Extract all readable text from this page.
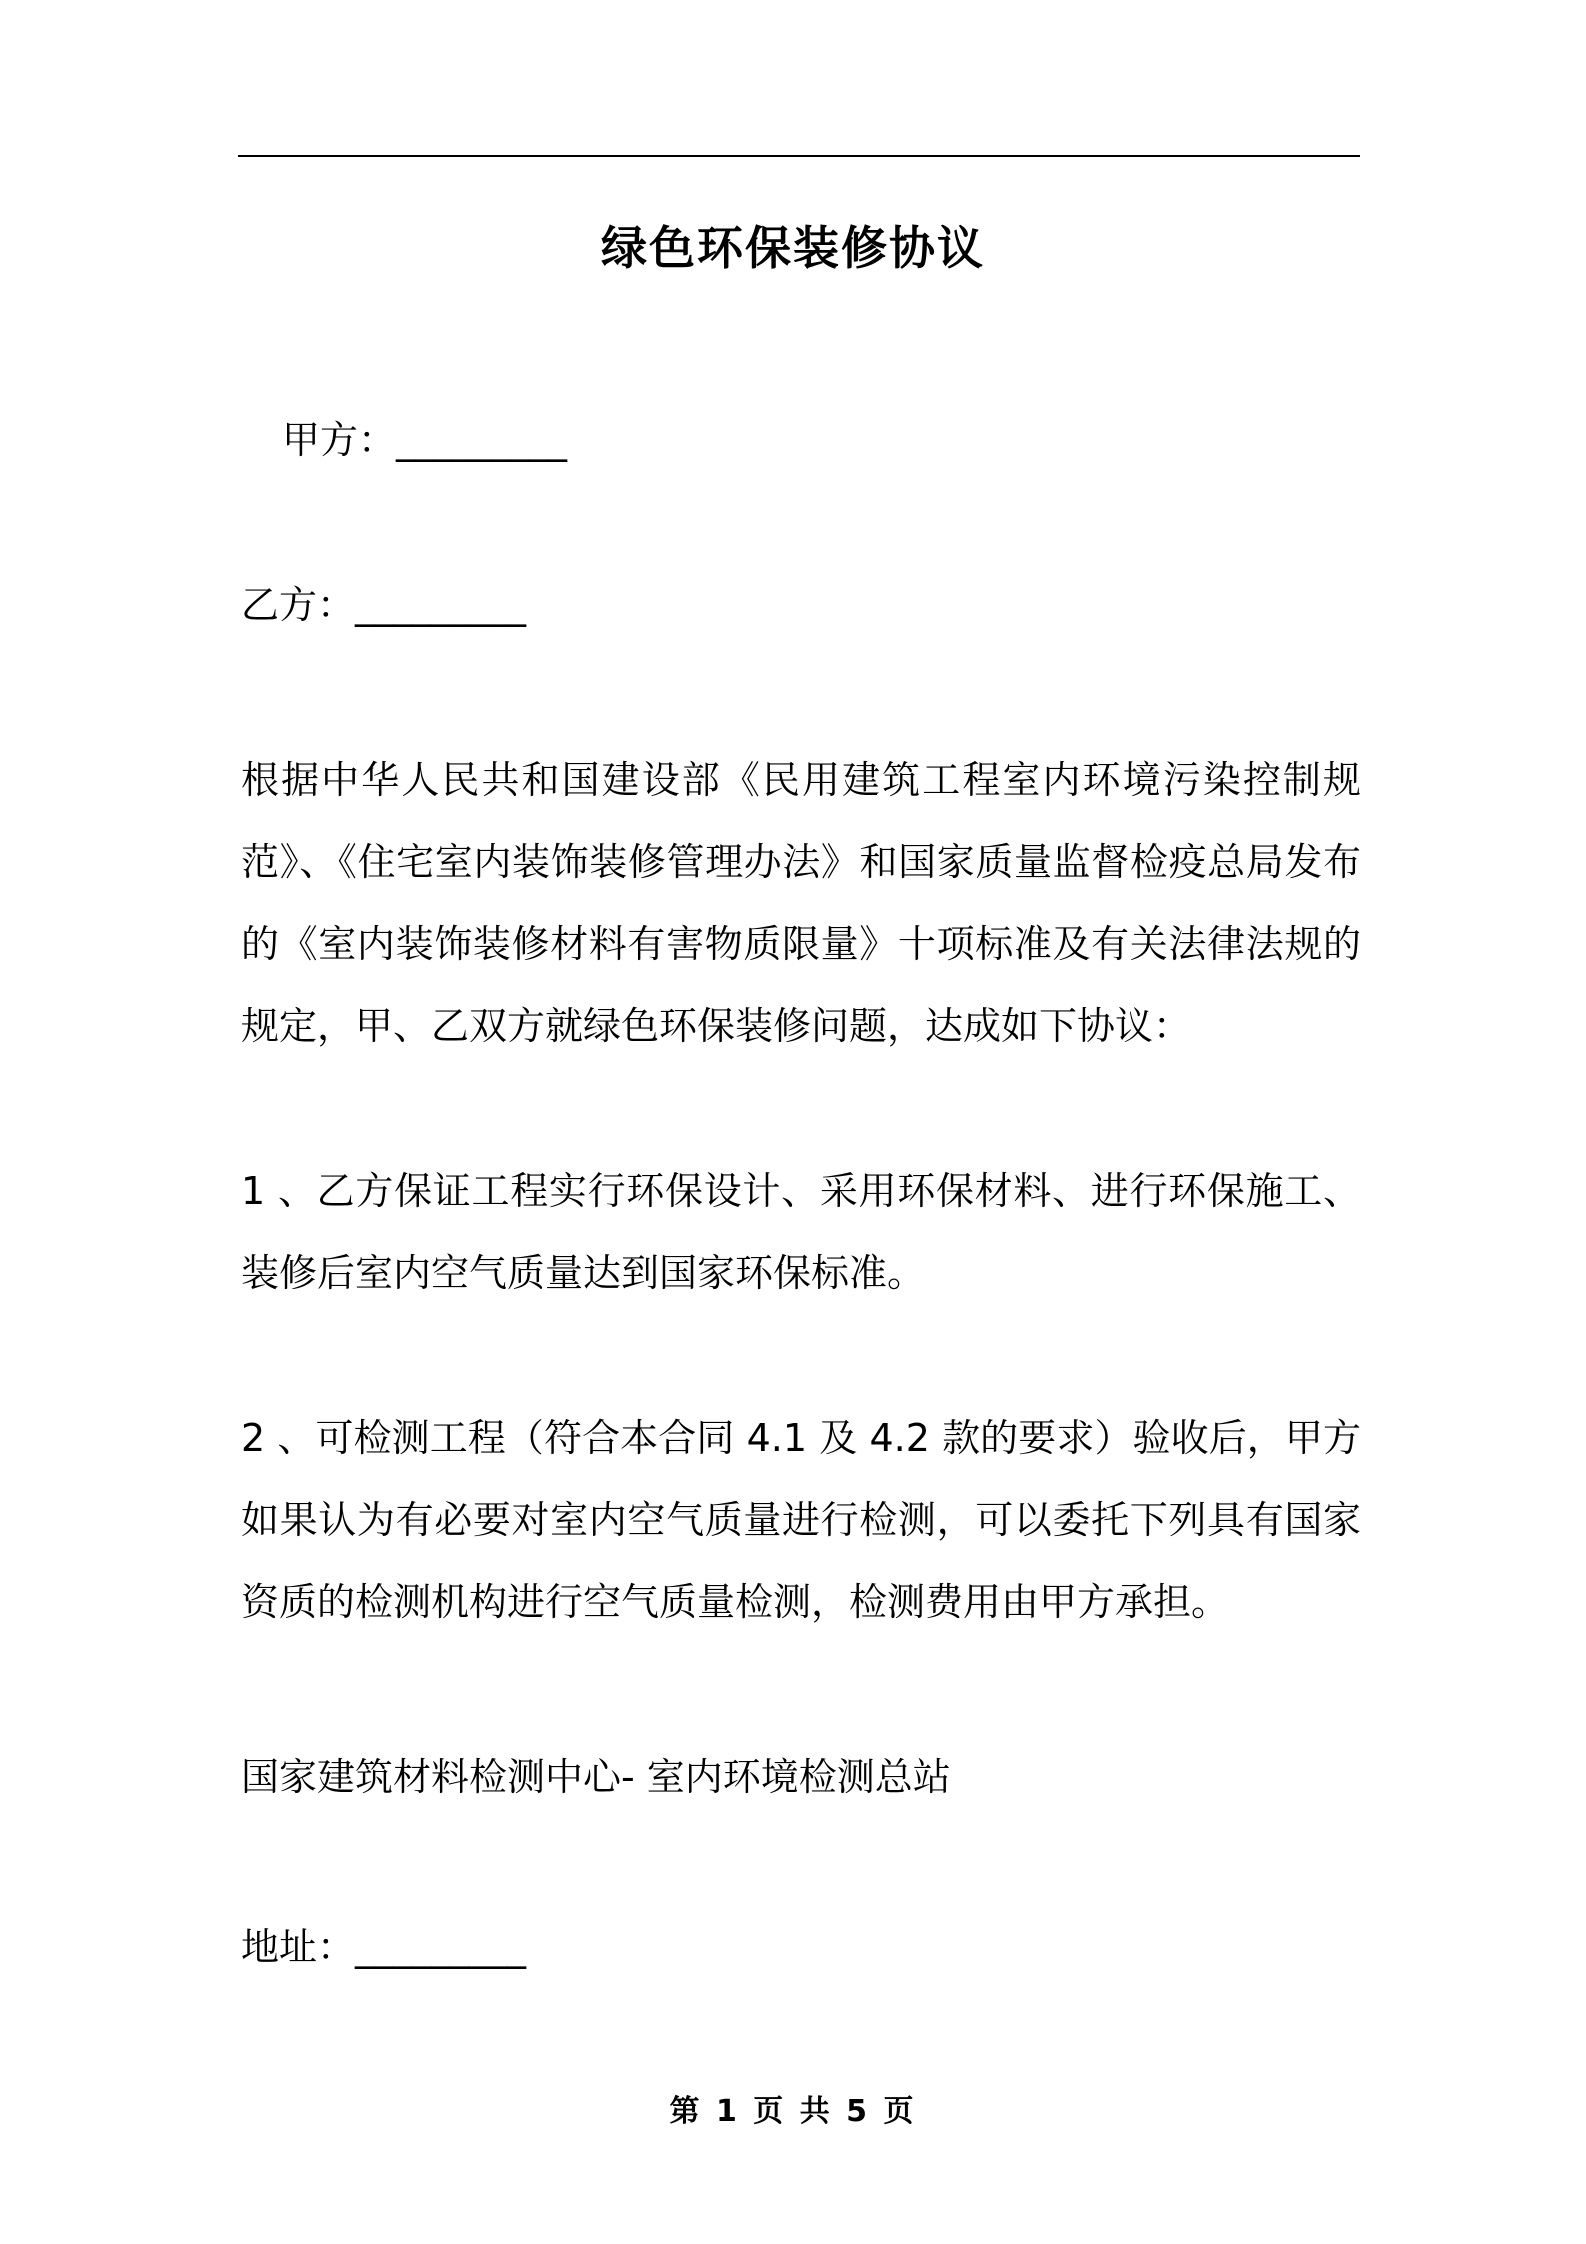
绿色环保装修协议
甲方：_________
乙方：_________
根据中华人民共和国建设部《民用建筑工程室内环境污染控制规范》、《住宅室内装饰装修管理办法》和国家质量监督检疫总局发布的《室内装饰装修材料有害物质限量》十项标准及有关法律法规的规定，甲、乙双方就绿色环保装修问题，达成如下协议：
1 、乙方保证工程实行环保设计、采用环保材料、进行环保施工、装修后室内空气质量达到国家环保标准。
2 、可检测工程（符合本合同 4.1 及 4.2 款的要求）验收后，甲方如果认为有必要对室内空气质量进行检测，可以委托下列具有国家资质的检测机构进行空气质量检测，检测费用由甲方承担。
国家建筑材料检测中心- 室内环境检测总站
地址：_________
第 1 页 共 5 页
